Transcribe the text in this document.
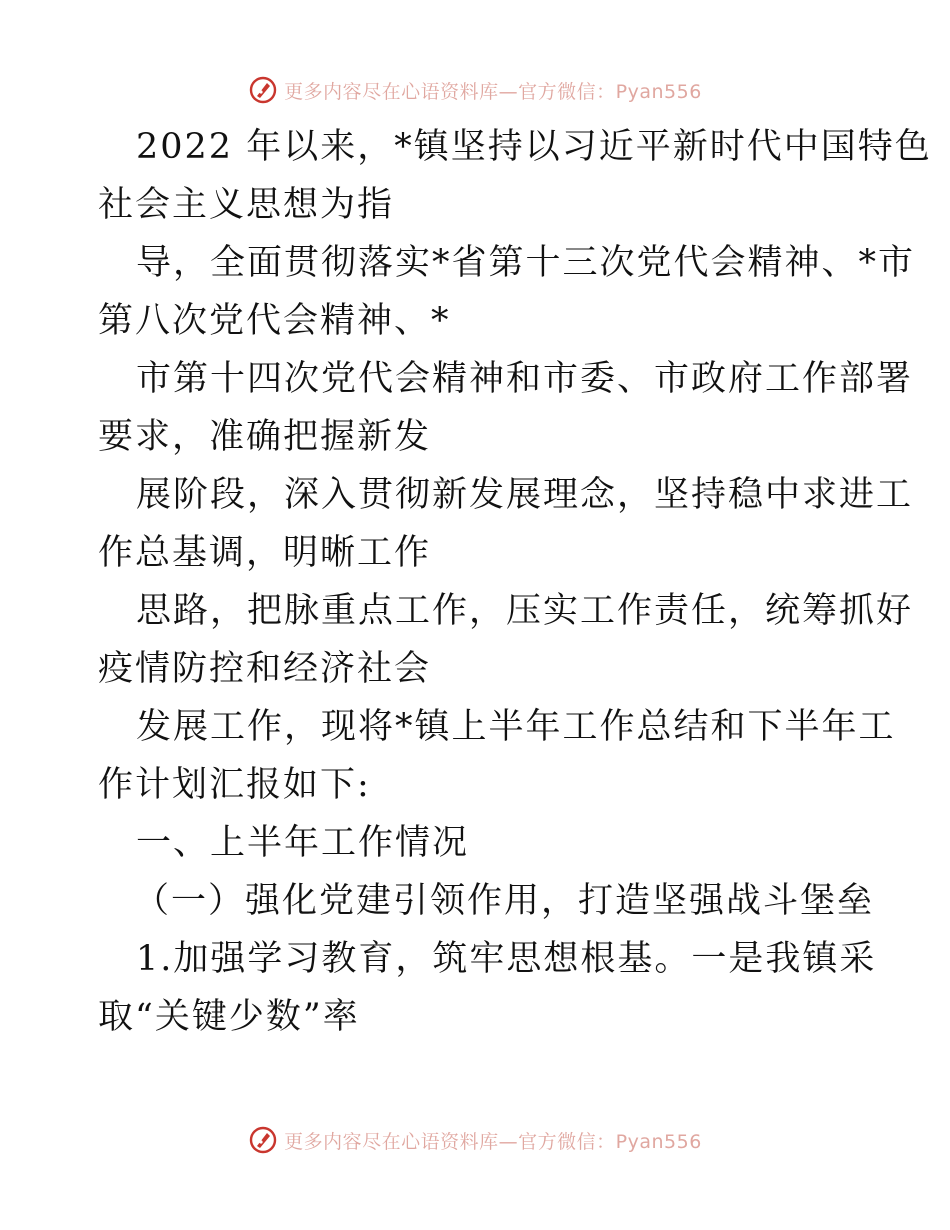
更多内容尽在心语资料库—官方微信：Pyan556

2022 年以来，*镇坚持以习近平新时代中国特色
社会主义思想为指

导，全面贯彻落实*省第十三次党代会精神、*市
第八次党代会精神、*

市第十四次党代会精神和市委、市政府工作部署
要求，准确把握新发

展阶段，深入贯彻新发展理念，坚持稳中求进工
作总基调，明晰工作

思路，把脉重点工作，压实工作责任，统筹抓好
疫情防控和经济社会

发展工作，现将*镇上半年工作总结和下半年工
作计划汇报如下:

一、上半年工作情况

（一）强化党建引领作用，打造坚强战斗堡垒

1.加强学习教育，筑牢思想根基。一是我镇采
取“关键少数”率

更多内容尽在心语资料库—官方微信：Pyan556
